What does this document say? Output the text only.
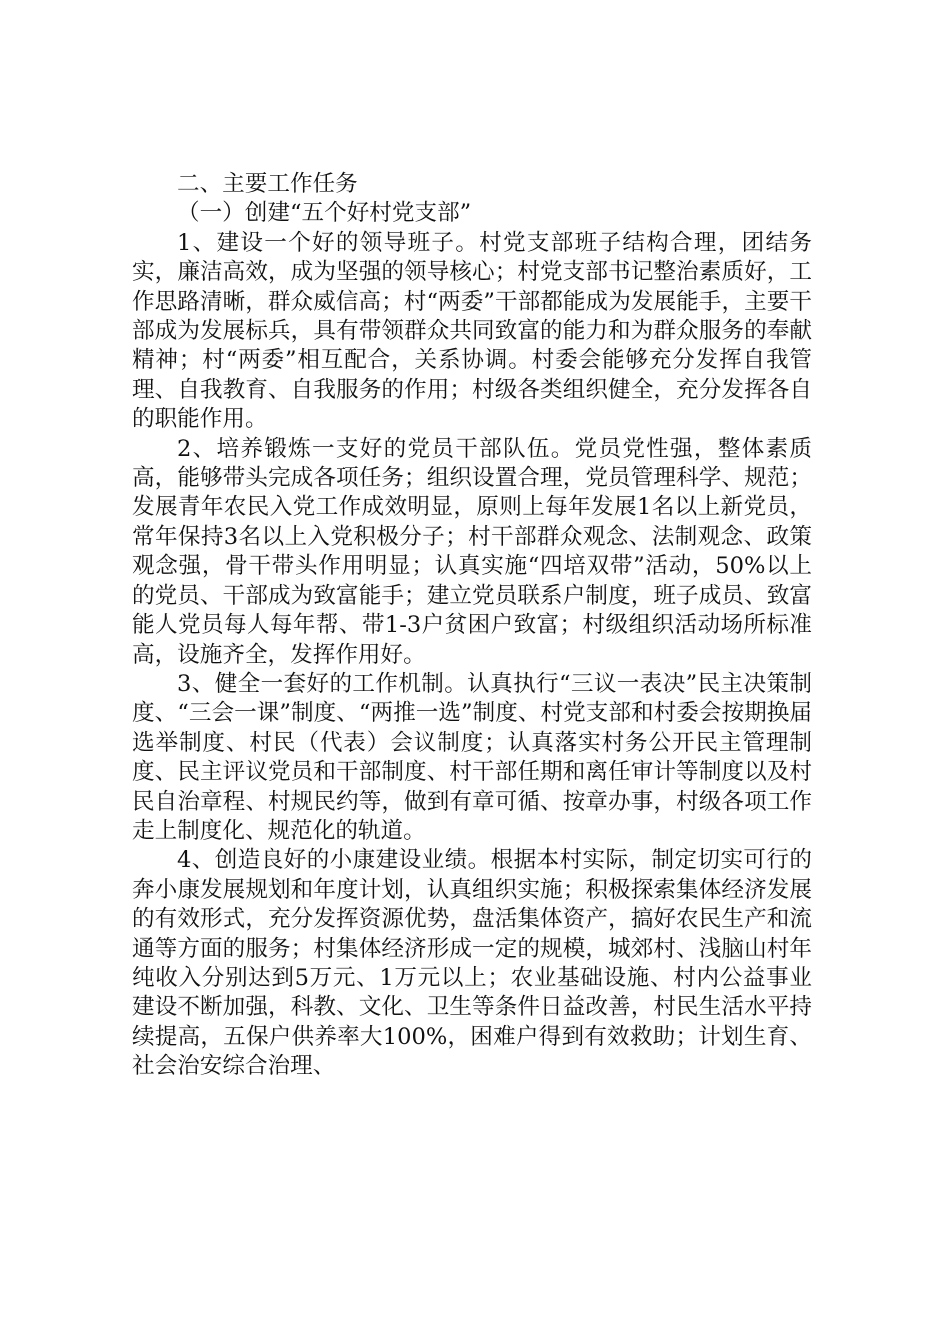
二、主要工作任务

（一）创建“五个好村党支部”

1、建设一个好的领导班子。村党支部班子结构合理，团结务实，廉洁高效，成为坚强的领导核心；村党支部书记整治素质好，工作思路清晰，群众威信高；村“两委”干部都能成为发展能手，主要干部成为发展标兵，具有带领群众共同致富的能力和为群众服务的奉献精神；村“两委”相互配合，关系协调。村委会能够充分发挥自我管理、自我教育、自我服务的作用；村级各类组织健全，充分发挥各自的职能作用。

2、培养锻炼一支好的党员干部队伍。党员党性强，整体素质高，能够带头完成各项任务；组织设置合理，党员管理科学、规范；发展青年农民入党工作成效明显，原则上每年发展1名以上新党员，常年保持3名以上入党积极分子；村干部群众观念、法制观念、政策观念强，骨干带头作用明显；认真实施“四培双带”活动，50%以上的党员、干部成为致富能手；建立党员联系户制度，班子成员、致富能人党员每人每年帮、带1-3户贫困户致富；村级组织活动场所标准高，设施齐全，发挥作用好。

3、健全一套好的工作机制。认真执行“三议一表决”民主决策制度、“三会一课”制度、“两推一选”制度、村党支部和村委会按期换届选举制度、村民（代表）会议制度；认真落实村务公开民主管理制度、民主评议党员和干部制度、村干部任期和离任审计等制度以及村民自治章程、村规民约等，做到有章可循、按章办事，村级各项工作走上制度化、规范化的轨道。

4、创造良好的小康建设业绩。根据本村实际，制定切实可行的奔小康发展规划和年度计划，认真组织实施；积极探索集体经济发展的有效形式，充分发挥资源优势，盘活集体资产，搞好农民生产和流通等方面的服务；村集体经济形成一定的规模，城郊村、浅脑山村年纯收入分别达到5万元、1万元以上；农业基础设施、村内公益事业建设不断加强，科教、文化、卫生等条件日益改善，村民生活水平持续提高，五保户供养率大100%，困难户得到有效救助；计划生育、社会治安综合治理、
